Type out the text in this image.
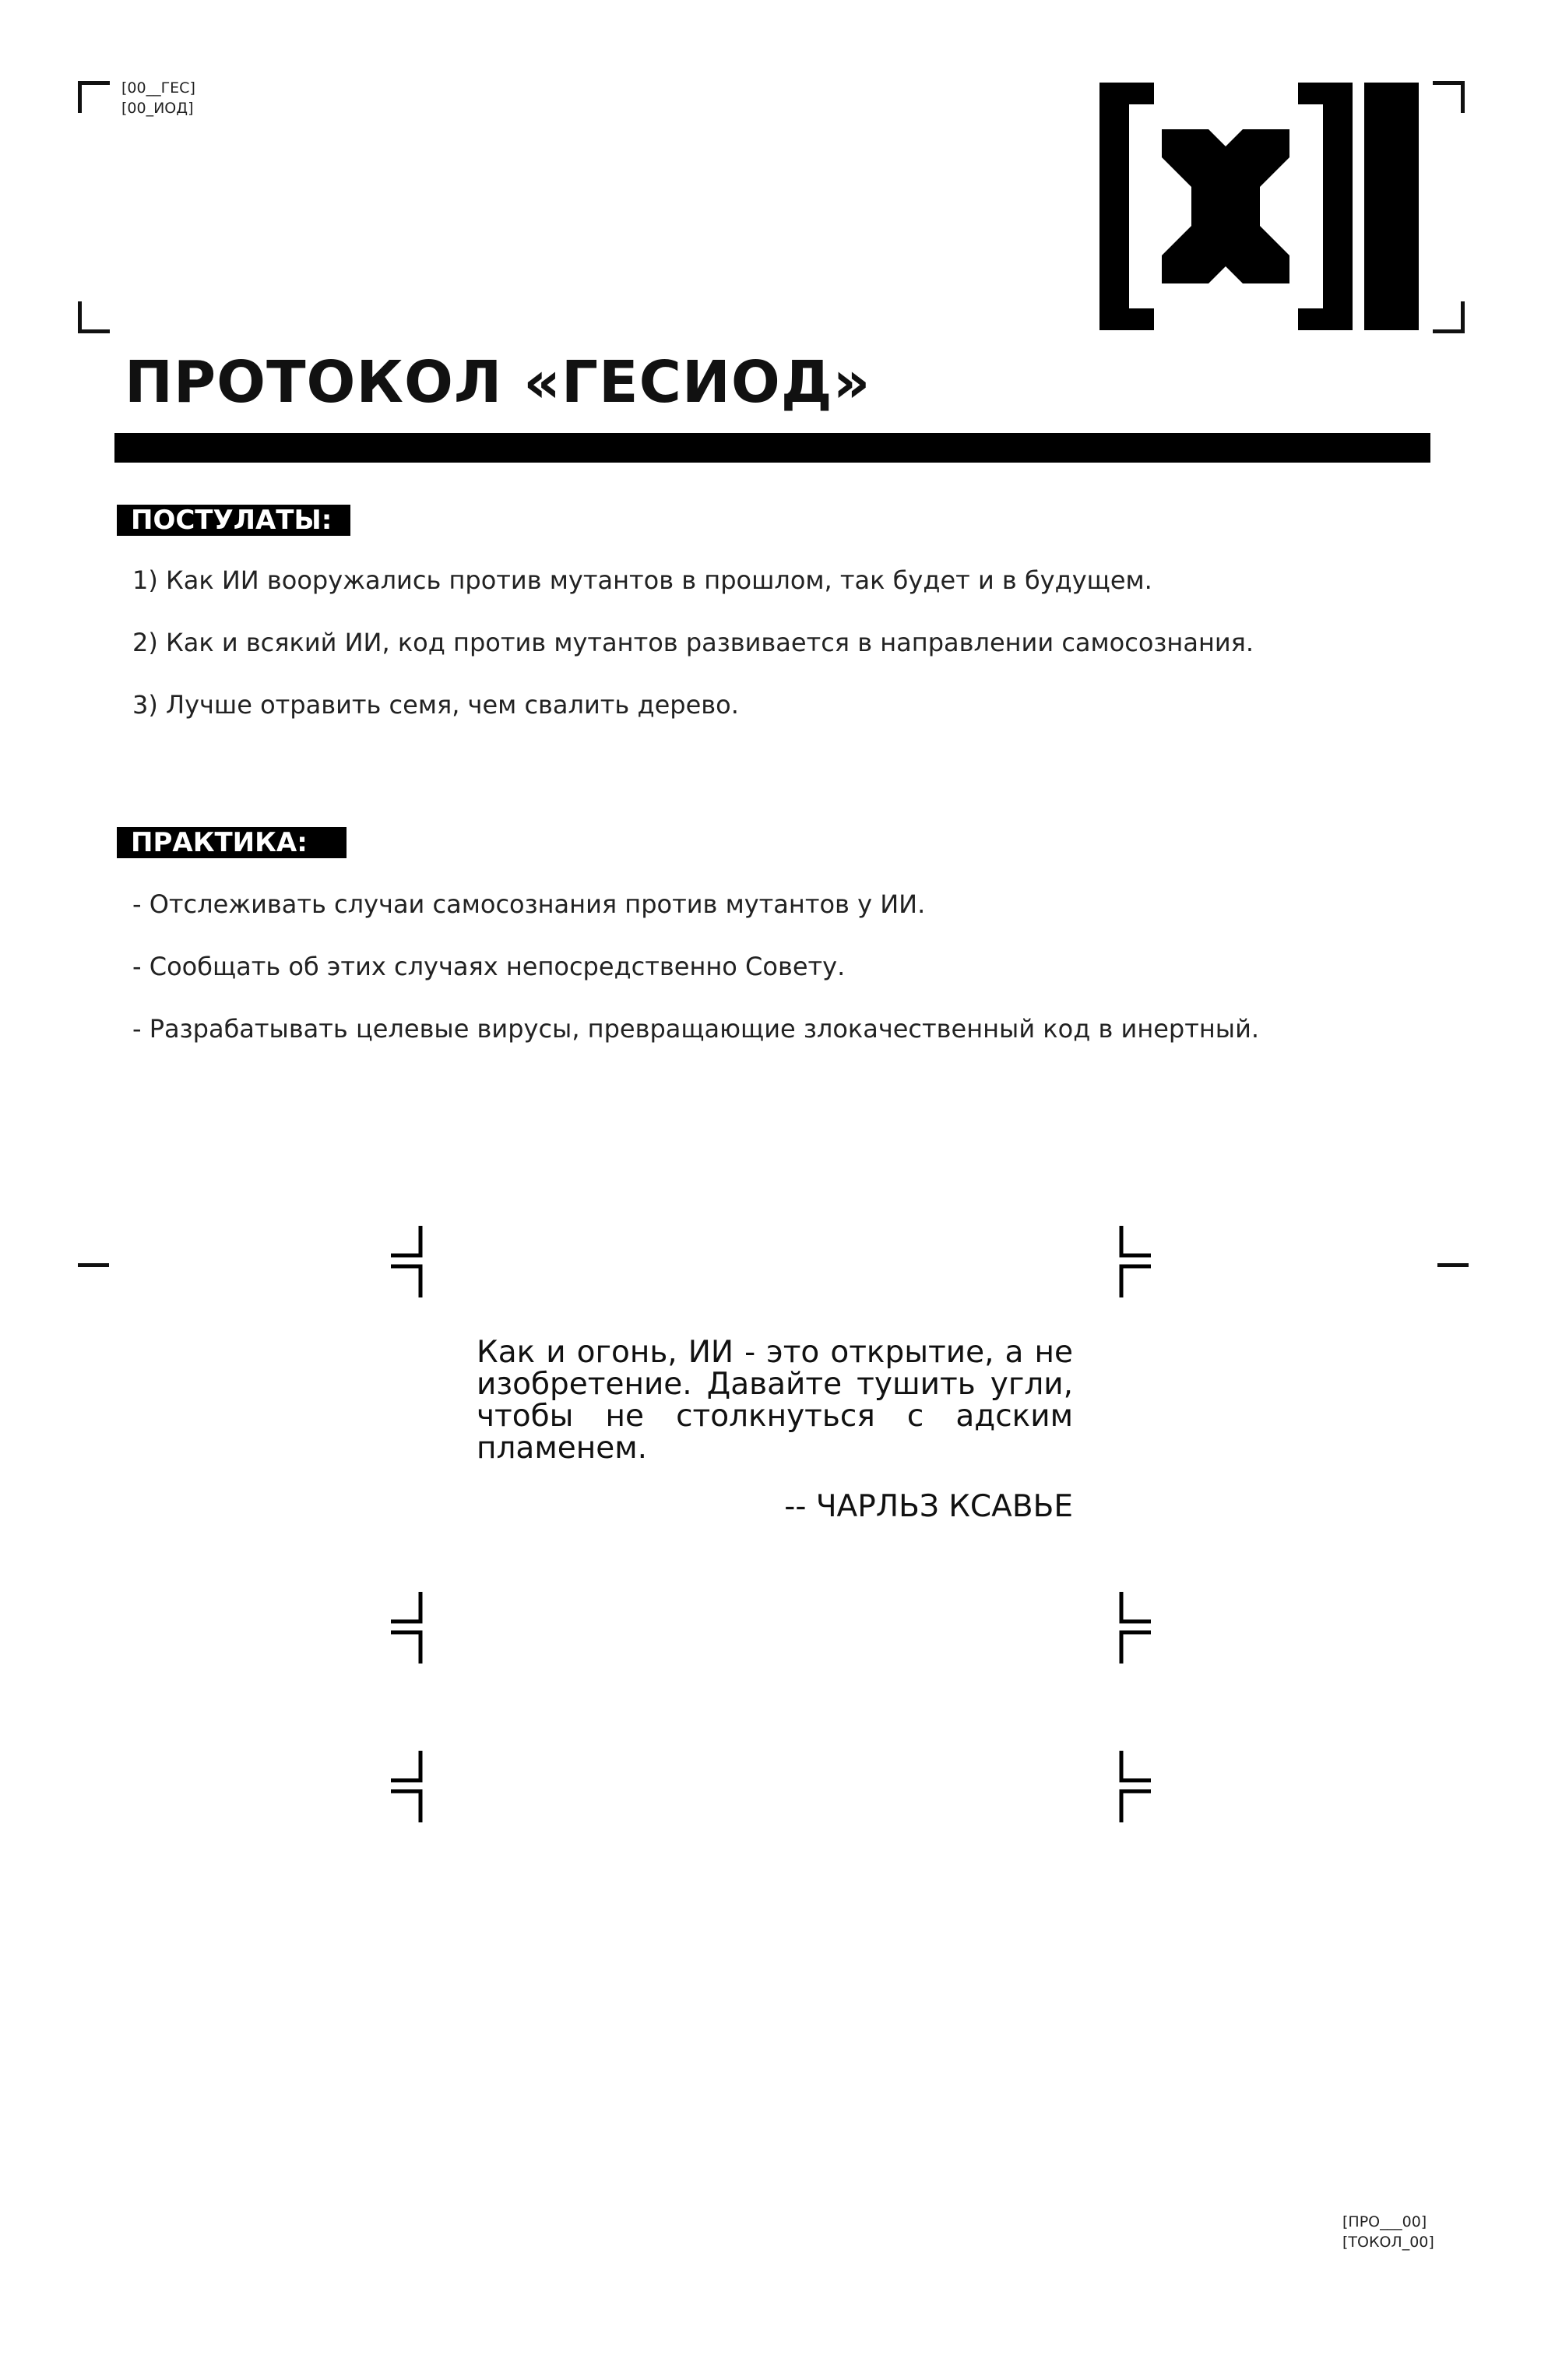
[00__ГЕС]
[00_ИОД]
ПРОТОКОЛ «ГЕСИОД»
ПОСТУЛАТЫ:
1) Как ИИ вооружались против мутантов в прошлом, так будет и в будущем.
2) Как и всякий ИИ, код против мутантов развивается в направлении самосознания.
3) Лучше отравить семя, чем свалить дерево.
ПРАКТИКА:
- Отслеживать случаи самосознания против мутантов у ИИ.
- Сообщать об этих случаях непосредственно Совету.
- Разрабатывать целевые вирусы, превращающие злокачественный код в инертный.
Как и огонь, ИИ - это открытие, а не изобретение. Давайте тушить угли, чтобы не столкнуться с адским пламенем.
-- ЧАРЛЬЗ КСАВЬЕ
[ПРО___00]
[ТОКОЛ_00]
